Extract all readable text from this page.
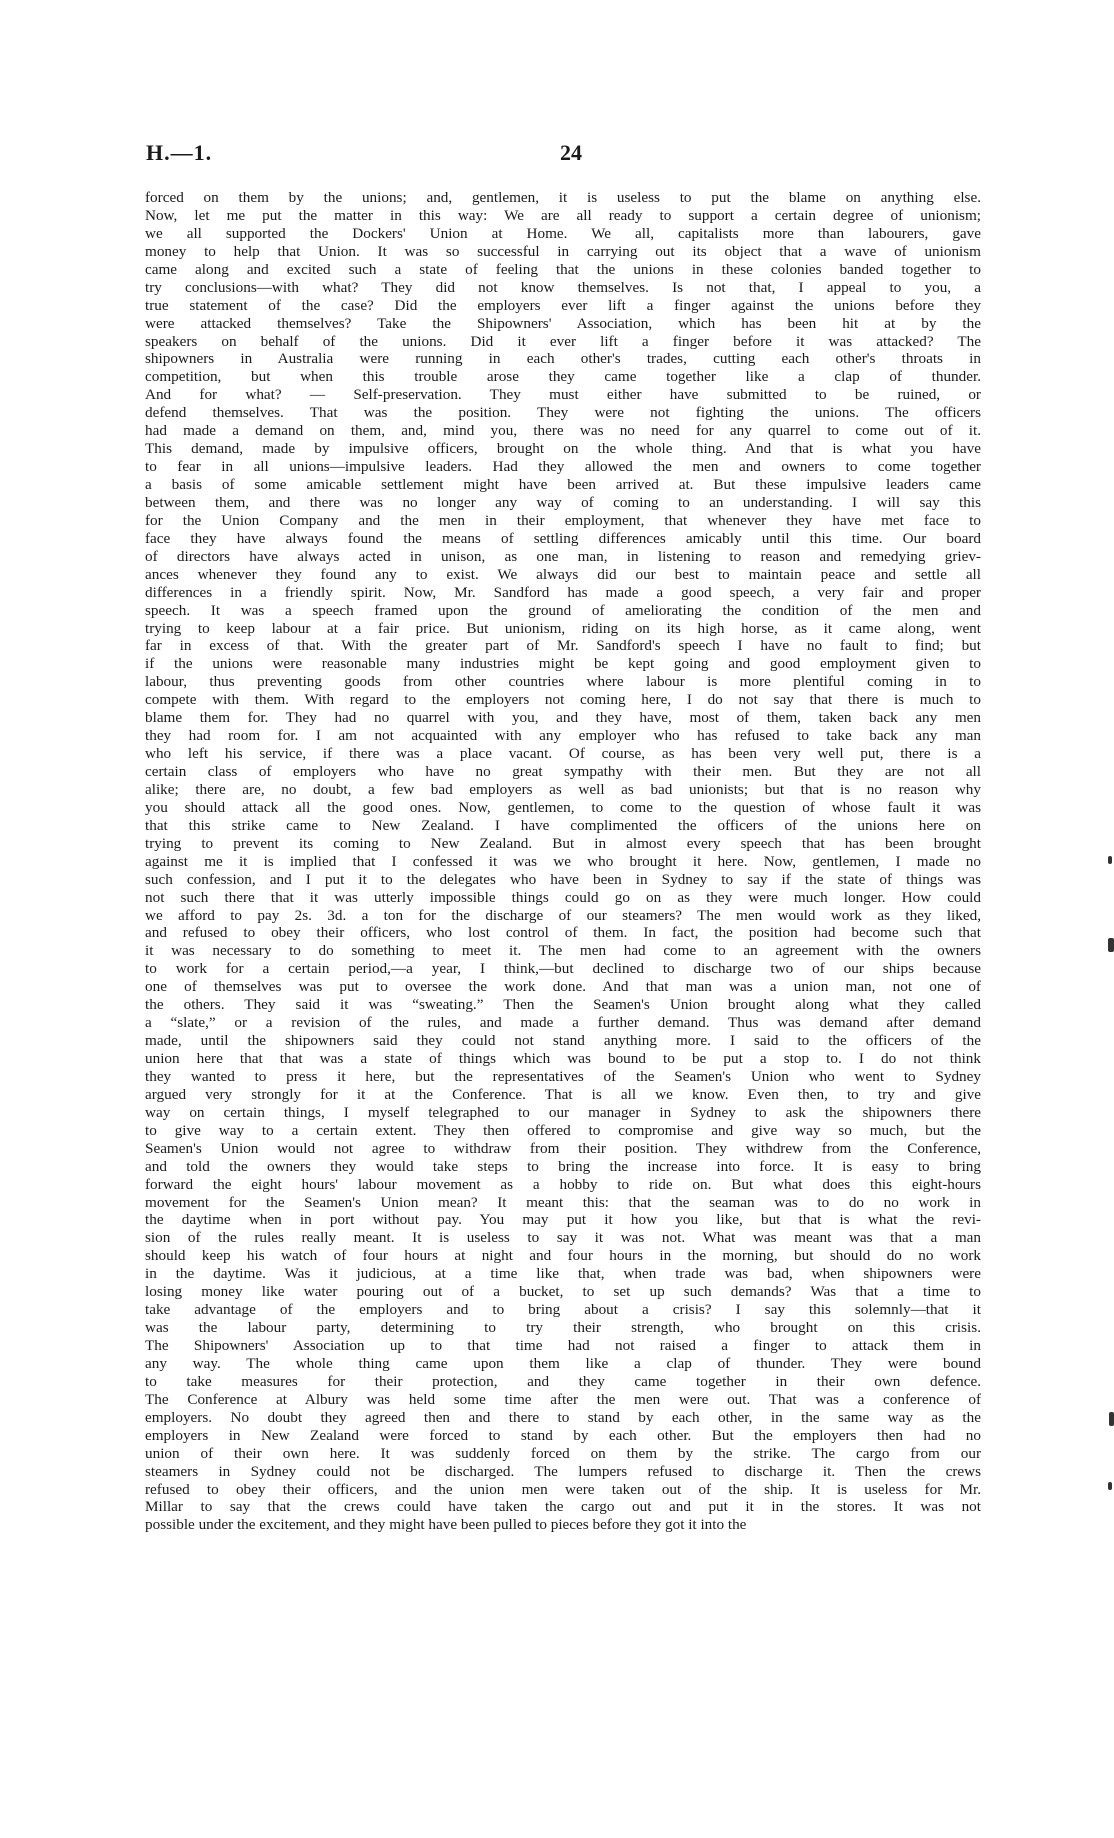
H.—1.	24
forced on them by the unions; and, gentlemen, it is useless to put the blame on anything else.
Now, let me put the matter in this way: We are all ready to support a certain degree of unionism;
we all supported the Dockers' Union at Home. We all, capitalists more than labourers, gave
money to help that Union. It was so successful in carrying out its object that a wave of unionism
came along and excited such a state of feeling that the unions in these colonies banded together to
try conclusions—with what? They did not know themselves. Is not that, I appeal to you, a
true statement of the case? Did the employers ever lift a finger against the unions before they
were attacked themselves? Take the Shipowners' Association, which has been hit at by the
speakers on behalf of the unions. Did it ever lift a finger before it was attacked? The
shipowners in Australia were running in each other's trades, cutting each other's throats in
competition, but when this trouble arose they came together like a clap of thunder.
And for what? — Self-preservation. They must either have submitted to be ruined, or
defend themselves. That was the position. They were not fighting the unions. The officers
had made a demand on them, and, mind you, there was no need for any quarrel to come out of it.
This demand, made by impulsive officers, brought on the whole thing. And that is what you have
to fear in all unions—impulsive leaders. Had they allowed the men and owners to come together
a basis of some amicable settlement might have been arrived at. But these impulsive leaders came
between them, and there was no longer any way of coming to an understanding. I will say this
for the Union Company and the men in their employment, that whenever they have met face to
face they have always found the means of settling differences amicably until this time. Our board
of directors have always acted in unison, as one man, in listening to reason and remedying griev-
ances whenever they found any to exist. We always did our best to maintain peace and settle all
differences in a friendly spirit. Now, Mr. Sandford has made a good speech, a very fair and proper
speech. It was a speech framed upon the ground of ameliorating the condition of the men and
trying to keep labour at a fair price. But unionism, riding on its high horse, as it came along, went
far in excess of that. With the greater part of Mr. Sandford's speech I have no fault to find; but
if the unions were reasonable many industries might be kept going and good employment given to
labour, thus preventing goods from other countries where labour is more plentiful coming in to
compete with them. With regard to the employers not coming here, I do not say that there is much to
blame them for. They had no quarrel with you, and they have, most of them, taken back any men
they had room for. I am not acquainted with any employer who has refused to take back any man
who left his service, if there was a place vacant. Of course, as has been very well put, there is a
certain class of employers who have no great sympathy with their men. But they are not all
alike; there are, no doubt, a few bad employers as well as bad unionists; but that is no reason why
you should attack all the good ones. Now, gentlemen, to come to the question of whose fault it was
that this strike came to New Zealand. I have complimented the officers of the unions here on
trying to prevent its coming to New Zealand. But in almost every speech that has been brought
against me it is implied that I confessed it was we who brought it here. Now, gentlemen, I made no
such confession, and I put it to the delegates who have been in Sydney to say if the state of things was
not such there that it was utterly impossible things could go on as they were much longer. How could
we afford to pay 2s. 3d. a ton for the discharge of our steamers? The men would work as they liked,
and refused to obey their officers, who lost control of them. In fact, the position had become such that
it was necessary to do something to meet it. The men had come to an agreement with the owners
to work for a certain period,—a year, I think,—but declined to discharge two of our ships because
one of themselves was put to oversee the work done. And that man was a union man, not one of
the others. They said it was “sweating.” Then the Seamen's Union brought along what they called
a “slate,” or a revision of the rules, and made a further demand. Thus was demand after demand
made, until the shipowners said they could not stand anything more. I said to the officers of the
union here that that was a state of things which was bound to be put a stop to. I do not think
they wanted to press it here, but the representatives of the Seamen's Union who went to Sydney
argued very strongly for it at the Conference. That is all we know. Even then, to try and give
way on certain things, I myself telegraphed to our manager in Sydney to ask the shipowners there
to give way to a certain extent. They then offered to compromise and give way so much, but the
Seamen's Union would not agree to withdraw from their position. They withdrew from the Conference,
and told the owners they would take steps to bring the increase into force. It is easy to bring
forward the eight hours' labour movement as a hobby to ride on. But what does this eight-hours
movement for the Seamen's Union mean? It meant this: that the seaman was to do no work in
the daytime when in port without pay. You may put it how you like, but that is what the revi-
sion of the rules really meant. It is useless to say it was not. What was meant was that a man
should keep his watch of four hours at night and four hours in the morning, but should do no work
in the daytime. Was it judicious, at a time like that, when trade was bad, when shipowners were
losing money like water pouring out of a bucket, to set up such demands? Was that a time to
take advantage of the employers and to bring about a crisis? I say this solemnly—that it
was the labour party, determining to try their strength, who brought on this crisis.
The Shipowners' Association up to that time had not raised a finger to attack them in
any way. The whole thing came upon them like a clap of thunder. They were bound
to take measures for their protection, and they came together in their own defence.
The Conference at Albury was held some time after the men were out. That was a conference of
employers. No doubt they agreed then and there to stand by each other, in the same way as the
employers in New Zealand were forced to stand by each other. But the employers then had no
union of their own here. It was suddenly forced on them by the strike. The cargo from our
steamers in Sydney could not be discharged. The lumpers refused to discharge it. Then the crews
refused to obey their officers, and the union men were taken out of the ship. It is useless for Mr.
Millar to say that the crews could have taken the cargo out and put it in the stores. It was not
possible under the excitement, and they might have been pulled to pieces before they got it into the
